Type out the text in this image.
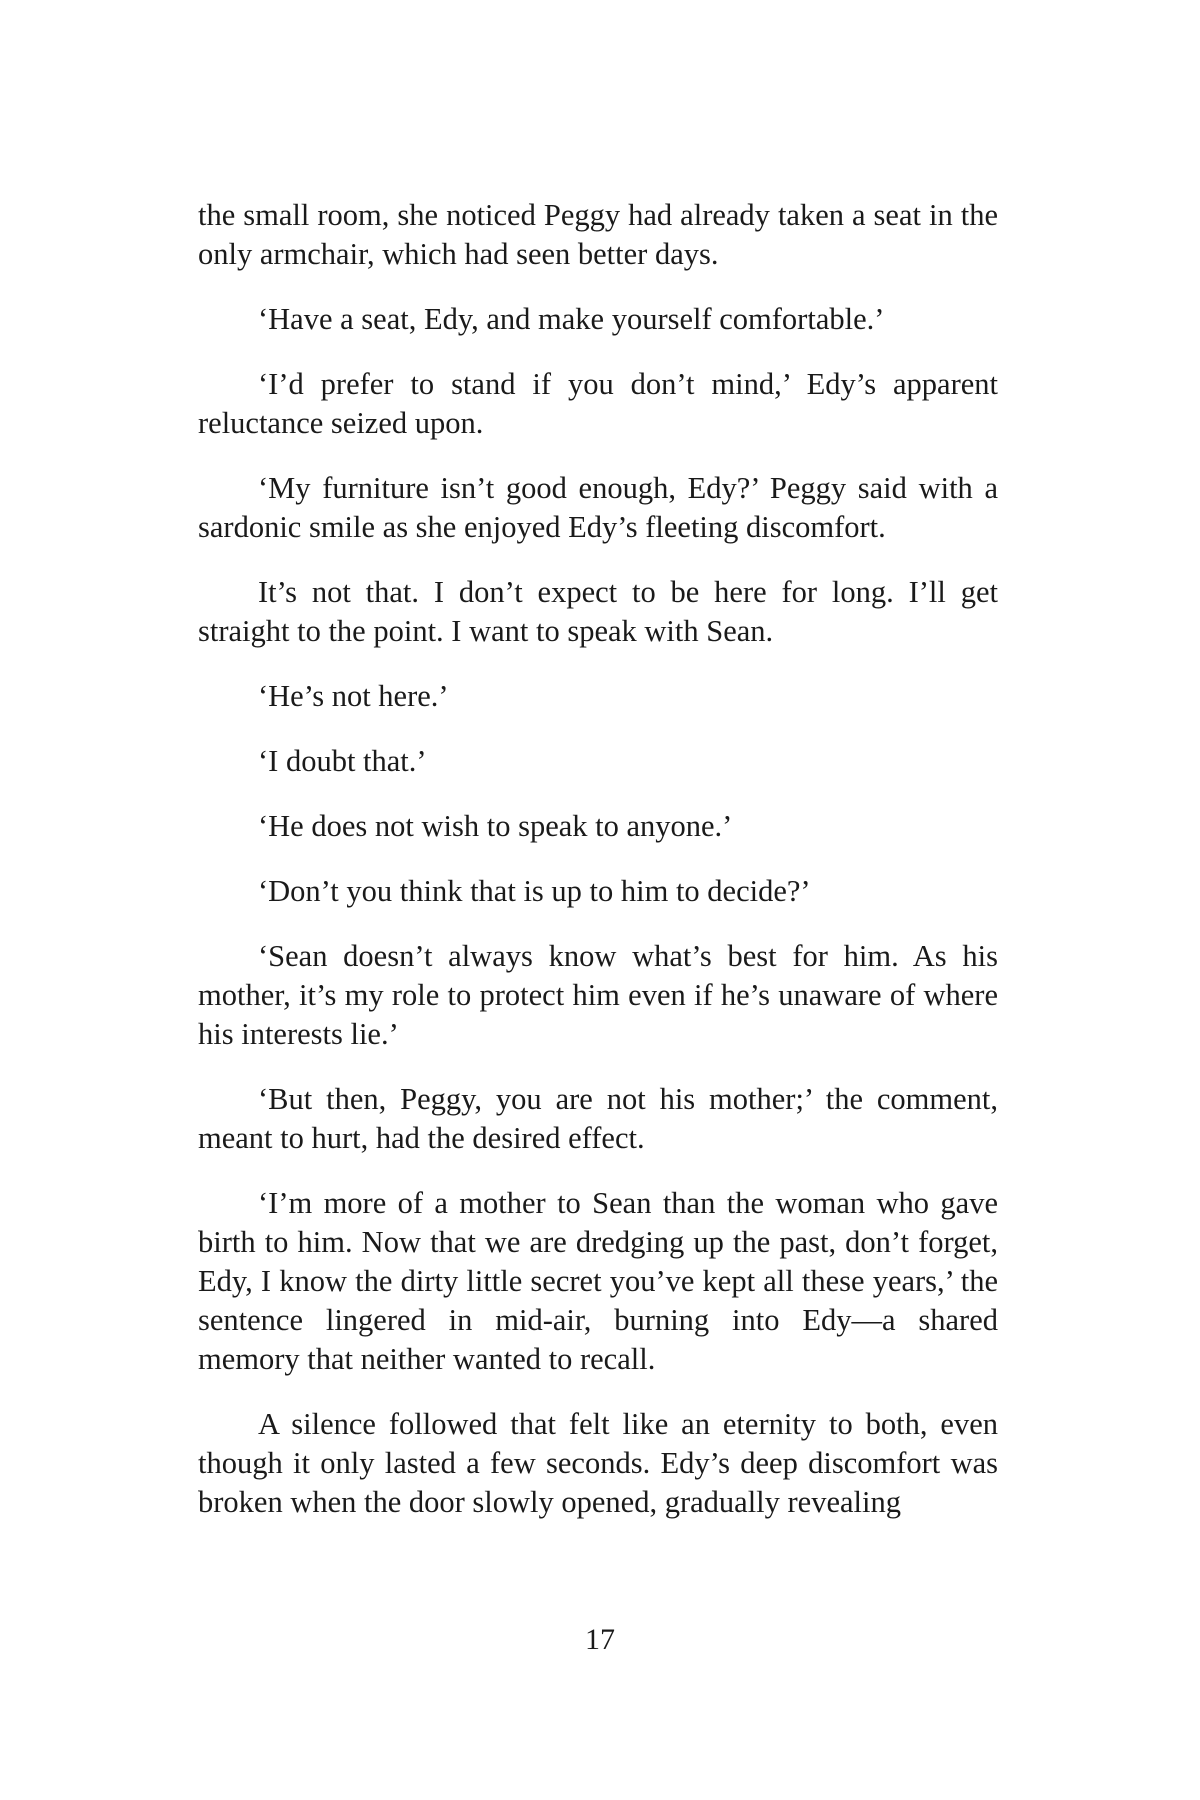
the small room, she noticed Peggy had already taken a seat in the only armchair, which had seen better days.

‘Have a seat, Edy, and make yourself comfortable.’

‘I’d prefer to stand if you don’t mind,’ Edy’s apparent reluctance seized upon.

‘My furniture isn’t good enough, Edy?’ Peggy said with a sardonic smile as she enjoyed Edy’s fleeting discomfort.

It’s not that. I don’t expect to be here for long. I’ll get straight to the point. I want to speak with Sean.

‘He’s not here.’

‘I doubt that.’

‘He does not wish to speak to anyone.’

‘Don’t you think that is up to him to decide?’

‘Sean doesn’t always know what’s best for him. As his mother, it’s my role to protect him even if he’s unaware of where his interests lie.’

‘But then, Peggy, you are not his mother;’ the comment, meant to hurt, had the desired effect.

‘I’m more of a mother to Sean than the woman who gave birth to him. Now that we are dredging up the past, don’t forget, Edy, I know the dirty little secret you’ve kept all these years,’ the sentence lingered in mid-air, burning into Edy—a shared memory that neither wanted to recall.

A silence followed that felt like an eternity to both, even though it only lasted a few seconds. Edy’s deep discomfort was broken when the door slowly opened, gradually revealing

17
